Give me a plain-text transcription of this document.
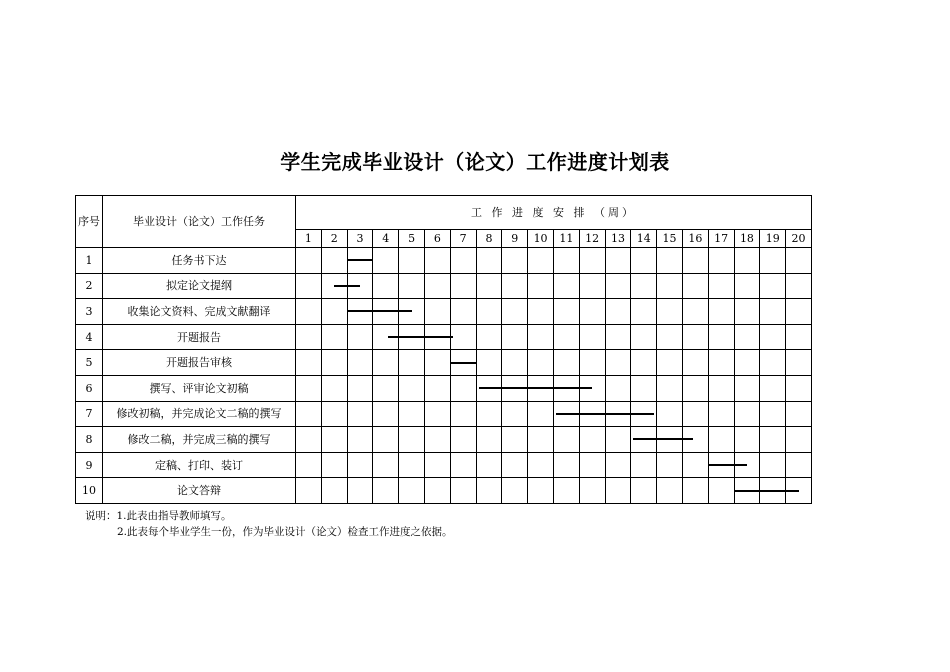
学生完成毕业设计（论文）工作进度计划表
序号	毕业设计（论文）工作任务	工 作 进 度 安 排 （周）																			
		1	2	3	4	5	6	7	8	9	10	11	12	13	14	15	16	17	18	19	20
1	任务书下达																				
2	拟定论文提纲																				
3	收集论文资料、完成文献翻译																				
4	开题报告																				
5	开题报告审核																				
6	撰写、评审论文初稿																				
7	修改初稿，并完成论文二稿的撰写																				
8	修改二稿，并完成三稿的撰写																				
9	定稿、打印、装订																				
10	论文答辩																				
说明：1.此表由指导教师填写。
2.此表每个毕业学生一份，作为毕业设计（论文）检查工作进度之依据。
